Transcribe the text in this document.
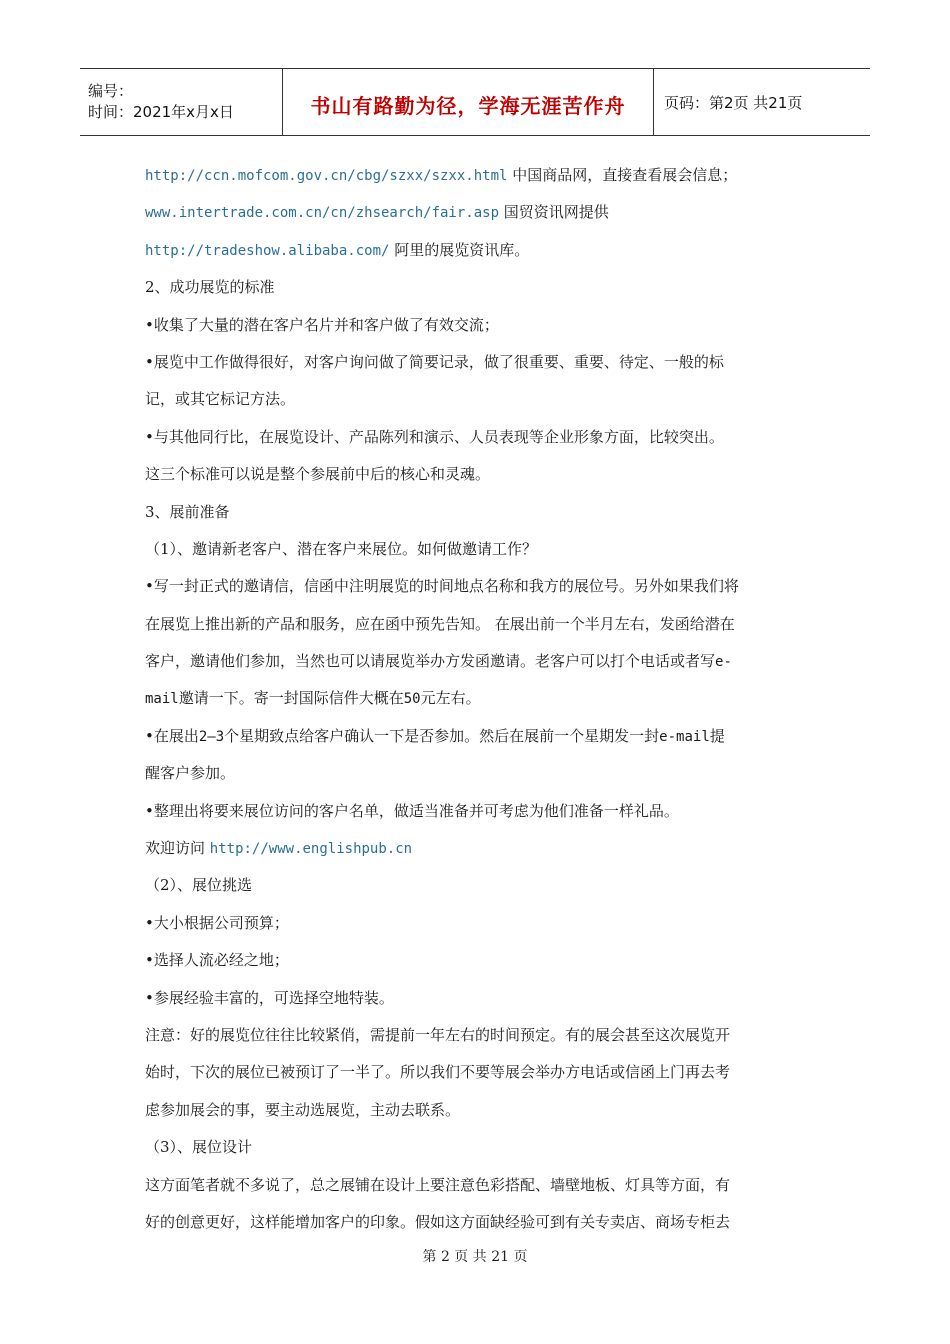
编号：
时间：2021年x月x日	书山有路勤为径，学海无涯苦作舟	页码：第2页 共21页
http://ccn.mofcom.gov.cn/cbg/szxx/szxx.html 中国商品网，直接查看展会信息；
www.intertrade.com.cn/cn/zhsearch/fair.asp 国贸资讯网提供
http://tradeshow.alibaba.com/ 阿里的展览资讯库。
2、成功展览的标准
•收集了大量的潜在客户名片并和客户做了有效交流；
•展览中工作做得很好，对客户询问做了简要记录，做了很重要、重要、待定、一般的标
记，或其它标记方法。
•与其他同行比，在展览设计、产品陈列和演示、人员表现等企业形象方面，比较突出。
这三个标准可以说是整个参展前中后的核心和灵魂。
3、展前准备
（1）、邀请新老客户、潜在客户来展位。如何做邀请工作？
•写一封正式的邀请信，信函中注明展览的时间地点名称和我方的展位号。另外如果我们将
在展览上推出新的产品和服务，应在函中预先告知。 在展出前一个半月左右，发函给潜在
客户，邀请他们参加，当然也可以请展览举办方发函邀请。老客户可以打个电话或者写e-
mail邀请一下。寄一封国际信件大概在50元左右。
•在展出2—3个星期致点给客户确认一下是否参加。然后在展前一个星期发一封e-mail提
醒客户参加。
•整理出将要来展位访问的客户名单，做适当准备并可考虑为他们准备一样礼品。
欢迎访问 http://www.englishpub.cn
（2）、展位挑选
•大小根据公司预算；
•选择人流必经之地；
•参展经验丰富的，可选择空地特装。
注意：好的展览位往往比较紧俏，需提前一年左右的时间预定。有的展会甚至这次展览开
始时，下次的展位已被预订了一半了。所以我们不要等展会举办方电话或信函上门再去考
虑参加展会的事，要主动选展览，主动去联系。
（3）、展位设计
这方面笔者就不多说了，总之展铺在设计上要注意色彩搭配、墙壁地板、灯具等方面，有
好的创意更好，这样能增加客户的印象。假如这方面缺经验可到有关专卖店、商场专柜去
第 2 页 共 21 页
